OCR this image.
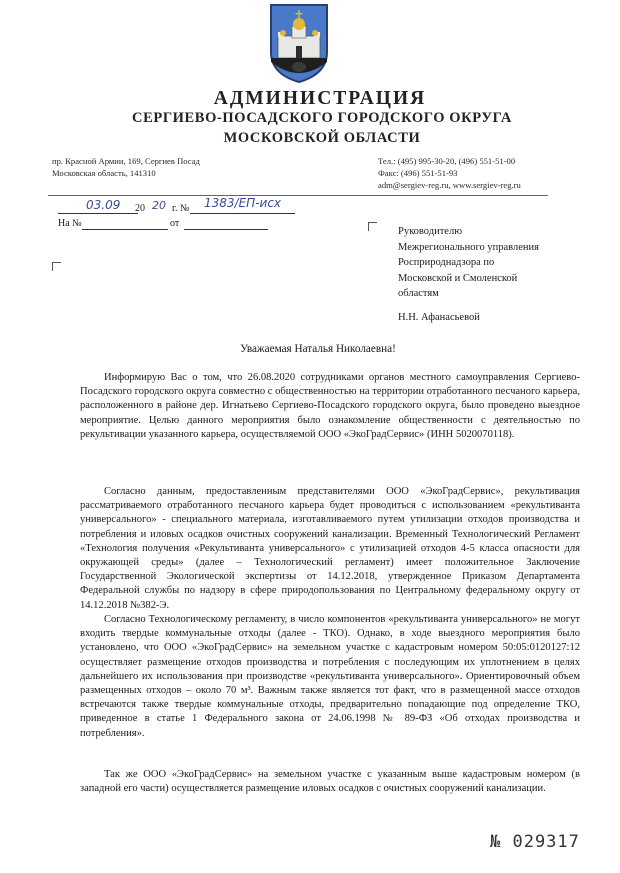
АДМИНИСТРАЦИЯ
СЕРГИЕВО-ПОСАДСКОГО ГОРОДСКОГО ОКРУГА
МОСКОВСКОЙ ОБЛАСТИ
пр. Красной Армии, 169, Сергиев Посад
Московская область, 141310
Тел.: (495) 995-30-20, (496) 551-51-00
Факс: (496) 551-51-93
adm@sergiev-reg.ru, www.sergiev-reg.ru
03.09 20 20 г. № 1383/ЕП-исх
На №	от
Руководителю
Межрегионального управления
Росприроднадзора по
Московской и Смоленской
областям
Н.Н. Афанасьевой
Уважаемая Наталья Николаевна!
Информирую Вас о том, что 26.08.2020 сотрудниками органов местного самоуправления Сергиево-Посадского городского округа совместно с общественностью на территории отработанного песчаного карьера, расположенного в районе дер. Игнатьево Сергиево-Посадского городского округа, было проведено выездное мероприятие. Целью данного мероприятия было ознакомление общественности с деятельностью по рекультивации указанного карьера, осуществляемой ООО «ЭкоГрадСервис» (ИНН 5020070118).
Согласно данным, предоставленным представителями ООО «ЭкоГрадСервис», рекультивация рассматриваемого отработанного песчаного карьера будет проводиться с использованием «рекультиванта универсального» - специального материала, изготавливаемого путем утилизации отходов производства и потребления и иловых осадков очистных сооружений канализации. Временный Технологический Регламент «Технология получения «Рекультиванта универсального» с утилизацией отходов 4-5 класса опасности для окружающей среды» (далее – Технологический регламент) имеет положительное Заключение Государственной Экологической экспертизы от 14.12.2018, утвержденное Приказом Департамента Федеральной службы по надзору в сфере природопользования по Центральному федеральному округу от 14.12.2018 №382-Э.
Согласно Технологическому регламенту, в число компонентов «рекультиванта универсального» не могут входить твердые коммунальные отходы (далее - ТКО). Однако, в ходе выездного мероприятия было установлено, что ООО «ЭкоГрадСервис» на земельном участке с кадастровым номером 50:05:0120127:12 осуществляет размещение отходов производства и потребления с последующим их уплотнением в целях дальнейшего их использования при производстве «рекультиванта универсального». Ориентировочный объем размещенных отходов – около 70 м³. Важным также является тот факт, что в размещенной массе отходов встречаются также твердые коммунальные отходы, предварительно попадающие под определение ТКО, приведенное в статье 1 Федерального закона от 24.06.1998 № 89-ФЗ «Об отходах производства и потребления».
Так же ООО «ЭкоГрадСервис» на земельном участке с указанным выше кадастровым номером (в западной его части) осуществляется размещение иловых осадков с очистных сооружений канализации.
№ 029317
